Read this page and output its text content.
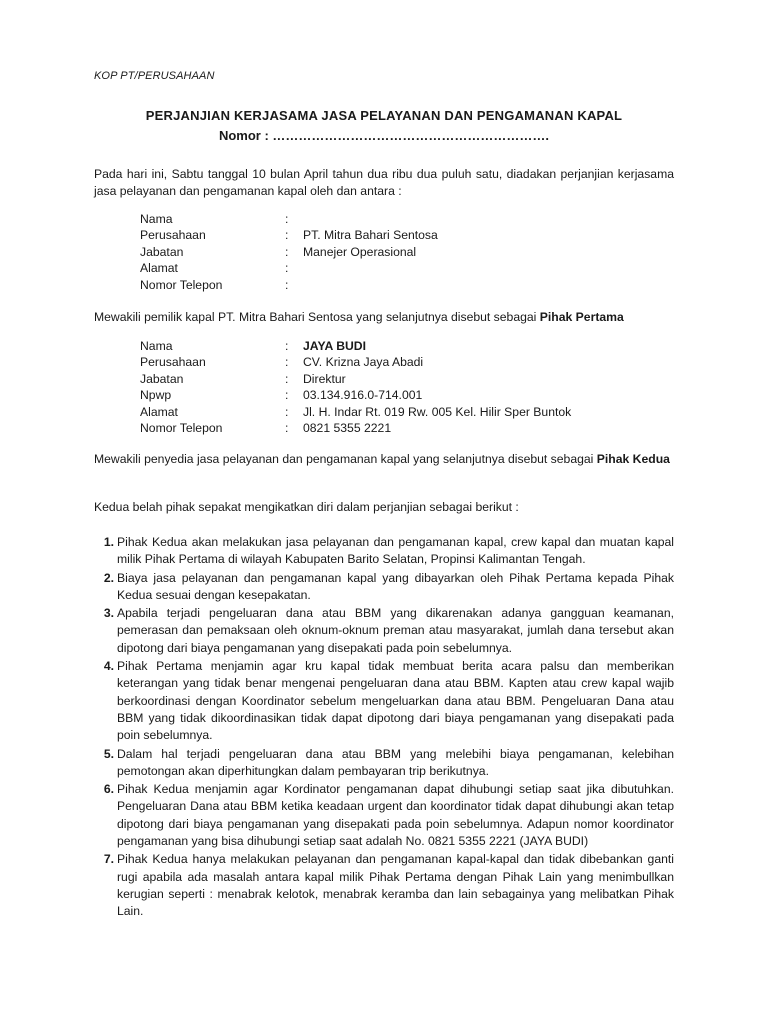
KOP PT/PERUSAHAAN
PERJANJIAN KERJASAMA JASA PELAYANAN DAN PENGAMANAN KAPAL
Nomor : ……………………………………………………….
Pada hari ini, Sabtu tanggal 10 bulan April tahun dua ribu dua puluh satu, diadakan perjanjian kerjasama jasa pelayanan dan pengamanan kapal oleh dan antara :
Nama	:
Perusahaan	: PT. Mitra Bahari Sentosa
Jabatan	: Manejer Operasional
Alamat	:
Nomor Telepon	:
Mewakili pemilik kapal PT. Mitra Bahari Sentosa yang selanjutnya disebut sebagai Pihak Pertama
Nama	: JAYA BUDI
Perusahaan	: CV. Krizna Jaya Abadi
Jabatan	: Direktur
Npwp	: 03.134.916.0-714.001
Alamat	: Jl. H. Indar Rt. 019 Rw. 005 Kel. Hilir Sper Buntok
Nomor Telepon	: 0821 5355 2221
Mewakili penyedia jasa pelayanan dan pengamanan kapal yang selanjutnya disebut sebagai Pihak Kedua
Kedua belah pihak sepakat mengikatkan diri dalam perjanjian sebagai berikut :
1. Pihak Kedua akan melakukan jasa pelayanan dan pengamanan kapal, crew kapal dan muatan kapal milik Pihak Pertama di wilayah Kabupaten Barito Selatan, Propinsi Kalimantan Tengah.
2. Biaya jasa pelayanan dan pengamanan kapal yang dibayarkan oleh Pihak Pertama kepada Pihak Kedua sesuai dengan kesepakatan.
3. Apabila terjadi pengeluaran dana atau BBM yang dikarenakan adanya gangguan keamanan, pemerasan dan pemaksaan oleh oknum-oknum preman atau masyarakat, jumlah dana tersebut akan dipotong dari biaya pengamanan yang disepakati pada poin sebelumnya.
4. Pihak Pertama menjamin agar kru kapal tidak membuat berita acara palsu dan memberikan keterangan yang tidak benar mengenai pengeluaran dana atau BBM. Kapten atau crew kapal wajib berkoordinasi dengan Koordinator sebelum mengeluarkan dana atau BBM. Pengeluaran Dana atau BBM yang tidak dikoordinasikan tidak dapat dipotong dari biaya pengamanan yang disepakati pada poin sebelumnya.
5. Dalam hal terjadi pengeluaran dana atau BBM yang melebihi biaya pengamanan, kelebihan pemotongan akan diperhitungkan dalam pembayaran trip berikutnya.
6. Pihak Kedua menjamin agar Kordinator pengamanan dapat dihubungi setiap saat jika dibutuhkan. Pengeluaran Dana atau BBM ketika keadaan urgent dan koordinator tidak dapat dihubungi akan tetap dipotong dari biaya pengamanan yang disepakati pada poin sebelumnya. Adapun nomor koordinator pengamanan yang bisa dihubungi setiap saat adalah No. 0821 5355 2221 (JAYA BUDI)
7. Pihak Kedua hanya melakukan pelayanan dan pengamanan kapal-kapal dan tidak dibebankan ganti rugi apabila ada masalah antara kapal milik Pihak Pertama dengan Pihak Lain yang menimbullkan kerugian seperti : menabrak kelotok, menabrak keramba dan lain sebagainya yang melibatkan Pihak Lain.
